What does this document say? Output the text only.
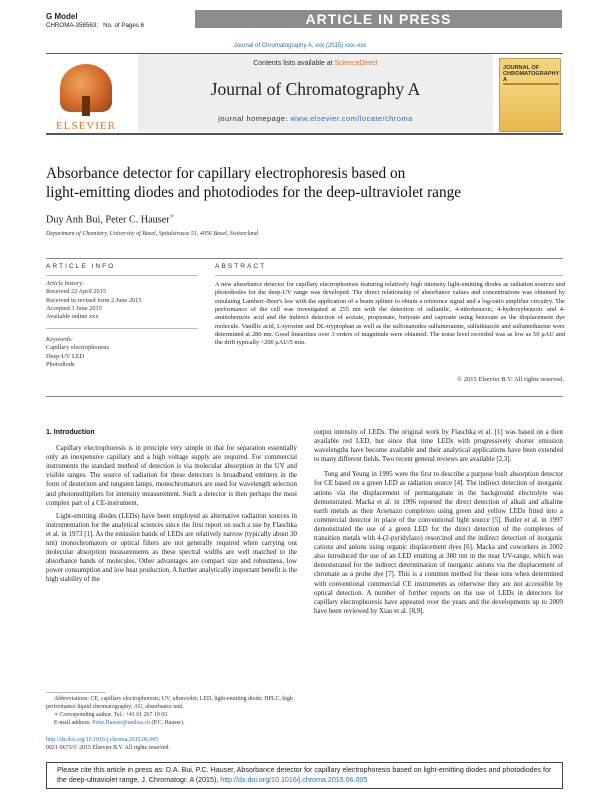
G Model
CHROMA-356563; No. of Pages 6	ARTICLE IN PRESS
Journal of Chromatography A, xxx (2015) xxx–xxx
ELSEVIER
Contents lists available at ScienceDirect
Journal of Chromatography A
journal homepage: www.elsevier.com/locate/chroma
JOURNAL OF CHROMATOGRAPHY A
Absorbance detector for capillary electrophoresis based on
light-emitting diodes and photodiodes for the deep-ultraviolet range
Duy Anh Bui, Peter C. Hauser∗
Department of Chemistry, University of Basel, Spitalstrasse 51, 4056 Basel, Switzerland
ARTICLE INFO	ABSTRACT
Article history:
Received 22 April 2015
Received in revised form 2 June 2015
Accepted 3 June 2015
Available online xxx
Keywords:
Capillary electrophoresis
Deep-UV LED
Photodiode
A new absorbance detector for capillary electrophoresis featuring relatively high intensity light-emitting diodes as radiation sources and photodiodes for the deep-UV range was developed. The direct relationship of absorbance values and concentrations was obtained by emulating Lambert–Beer's law with the application of a beam splitter to obtain a reference signal and a log-ratio amplifier circuitry. The performance of the cell was investigated at 255 nm with the detection of sulfanilic, 4-nitrobenzoic, 4-hydroxybenzoic and 4-aminobenzoic acid and the indirect detection of acetate, propionate, butyrate and caproate using benzoate as the displacement dye molecule. Vanillic acid, L-tyrosine and DL-tryptophan as well as the sulfonamides sulfamerazine, sulfathiazole and sulfamethazine were determined at 280 nm. Good linearities over 3 orders of magnitude were obtained. The noise level recorded was as low as 50 μAU and the drift typically <200 μAU/5 min.
© 2015 Elsevier B.V. All rights reserved.

1. Introduction

Capillary electrophoresis is in principle very simple in that for separation essentially only an inexpensive capillary and a high voltage supply are required. For commercial instruments the standard method of detection is via molecular absorption in the UV and visible ranges. The source of radiation for these detectors is broadband emitters in the form of deuterium and tungsten lamps, monochromators are used for wavelength selection and photomultipliers for intensity measurement. Such a detector is then perhaps the most complex part of a CE-instrument.

Light-emitting diodes (LEDs) have been employed as alternative radiation sources in instrumentation for the analytical sciences since the first report on such a use by Flaschka et al. in 1973 [1]. As the emission bands of LEDs are relatively narrow (typically about 30 nm) monochromators or optical filters are not generally required when carrying out molecular absorption measurements as these spectral widths are well matched to the absorbance bands of molecules. Other advantages are compact size and robustness, low power consumption and low heat production. A further analytically important benefit is the high stability of the

output intensity of LEDs. The original work by Flaschka et al. [1] was based on a then available red LED, but since that time LEDs with progressively shorter emission wavelengths have become available and their analytical applications have been extended to many different fields. Two recent general reviews are available [2,3].

Tong and Yeung in 1995 were the first to describe a purpose built absorption detector for CE based on a green LED as radiation source [4]. The indirect detection of inorganic anions via the displacement of permanganate in the background electrolyte was demonstrated. Macka et al. in 1996 reported the direct detection of alkali and alkaline earth metals as their Arsenazo complexes using green and yellow LEDs fitted into a commercial detector in place of the conventional light source [5]. Butler et al. in 1997 demonstrated the use of a green LED for the direct detection of the complexes of transition metals with 4-(2-pyridylazo) resorcinol and the indirect detection of inorganic cations and anions using organic displacement dyes [6]. Macka and coworkers in 2002 also introduced the use of an LED emitting at 380 nm in the near UV-range, which was demonstrated for the indirect determination of inorganic anions via the displacement of chromate as a probe dye [7]. This is a common method for these ions when determined with conventional commercial CE instruments as otherwise they are not accessible by optical detection. A number of further reports on the use of LEDs in detectors for capillary electrophoresis have appeared over the years and the developments up to 2009 have been reviewed by Xiao et al. [8,9].

Abbreviations: CE, capillary electrophoresis; UV, ultraviolet; LED, light-emitting diode; HPLC, high performance liquid chromatography; AU, absorbance unit.

∗ Corresponding author. Tel.: +41 61 267 10 03.

E-mail address: Peter.Hauser@unibas.ch (P.C. Hauser).

http://dx.doi.org/10.1016/j.chroma.2015.06.005
0021-9673/© 2015 Elsevier B.V. All rights reserved.
Please cite this article in press as: D.A. Bui, P.C. Hauser, Absorbance detector for capillary electrophoresis based on light-emitting diodes and photodiodes for the deep-ultraviolet range, J. Chromatogr. A (2015), http://dx.doi.org/10.1016/j.chroma.2015.06.005
